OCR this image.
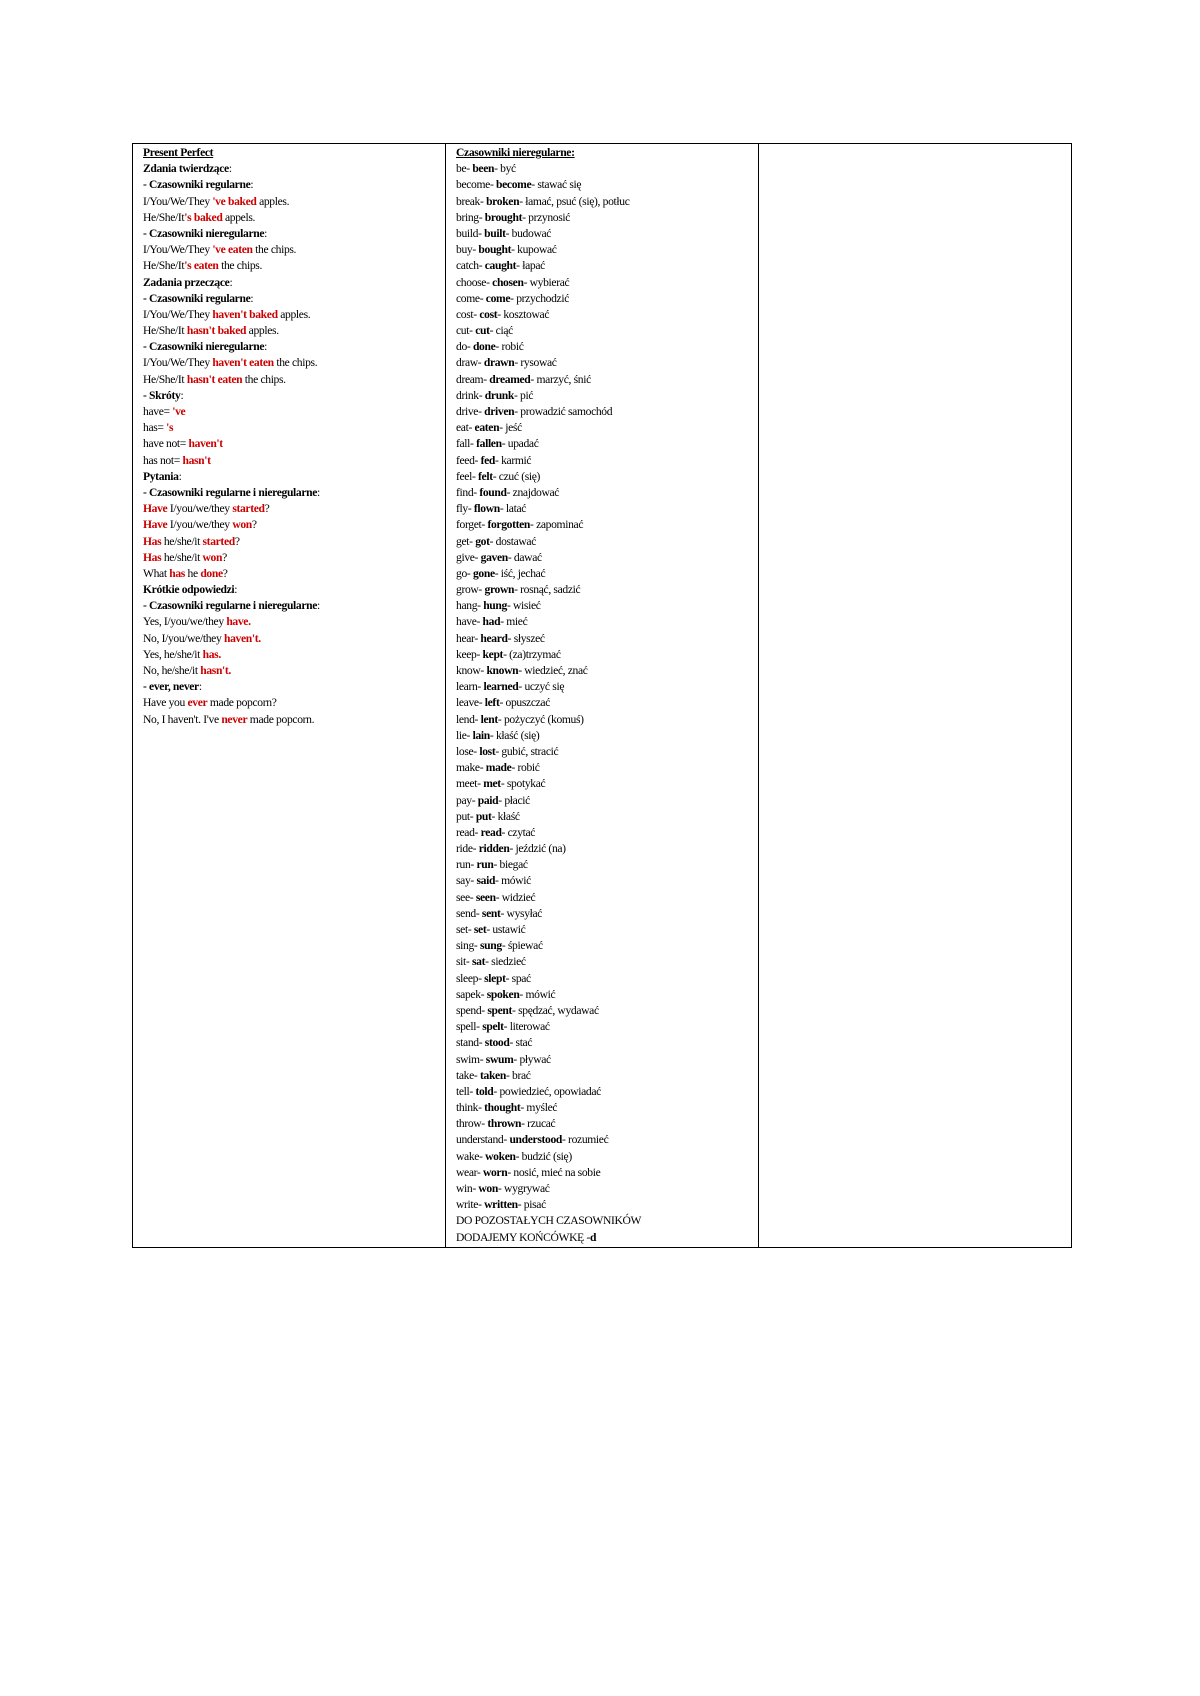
Present Perfect
Zdania twierdzące:
- Czasowniki regularne:
I/You/We/They 've baked apples.
He/She/It's baked appels.
- Czasowniki nieregularne:
I/You/We/They 've eaten the chips.
He/She/It's eaten the chips.
Zadania przeczące:
- Czasowniki regularne:
I/You/We/They haven't baked apples.
He/She/It hasn't baked apples.
- Czasowniki nieregularne:
I/You/We/They haven't eaten the chips.
He/She/It hasn't eaten the chips.
- Skróty:
have= 've
has= 's
have not= haven't
has not= hasn't
Pytania:
- Czasowniki regularne i nieregularne:
Have I/you/we/they started?
Have I/you/we/they won?
Has he/she/it started?
Has he/she/it won?
What has he done?
Krótkie odpowiedzi:
- Czasowniki regularne i nieregularne:
Yes, I/you/we/they have.
No, I/you/we/they haven't.
Yes, he/she/it has.
No, he/she/it hasn't.
- ever, never:
Have you ever made popcorn?
No, I haven't. I've never made popcorn.

Czasowniki nieregularne:
be- been- być
become- become- stawać się
break- broken- łamać, psuć (się), potłuc
bring- brought- przynosić
build- built- budować
buy- bought- kupować
catch- caught- łapać
choose- chosen- wybierać
come- come- przychodzić
cost- cost- kosztować
cut- cut- ciąć
do- done- robić
draw- drawn- rysować
dream- dreamed- marzyć, śnić
drink- drunk- pić
drive- driven- prowadzić samochód
eat- eaten- jeść
fall- fallen- upadać
feed- fed- karmić
feel- felt- czuć (się)
find- found- znajdować
fly- flown- latać
forget- forgotten- zapominać
get- got- dostawać
give- gaven- dawać
go- gone- iść, jechać
grow- grown- rosnąć, sadzić
hang- hung- wisieć
have- had- mieć
hear- heard- słyszeć
keep- kept- (za)trzymać
know- known- wiedzieć, znać
learn- learned- uczyć się
leave- left- opuszczać
lend- lent- pożyczyć (komuś)
lie- lain- kłaść (się)
lose- lost- gubić, stracić
make- made- robić
meet- met- spotykać
pay- paid- płacić
put- put- kłaść
read- read- czytać
ride- ridden- jeździć (na)
run- run- biegać
say- said- mówić
see- seen- widzieć
send- sent- wysyłać
set- set- ustawić
sing- sung- śpiewać
sit- sat- siedzieć
sleep- slept- spać
sapek- spoken- mówić
spend- spent- spędzać, wydawać
spell- spelt- literować
stand- stood- stać
swim- swum- pływać
take- taken- brać
tell- told- powiedzieć, opowiadać
think- thought- myśleć
throw- thrown- rzucać
understand- understood- rozumieć
wake- woken- budzić (się)
wear- worn- nosić, mieć na sobie
win- won- wygrywać
write- written- pisać
DO POZOSTAŁYCH CZASOWNIKÓW
DODAJEMY KOŃCÓWKĘ -d
